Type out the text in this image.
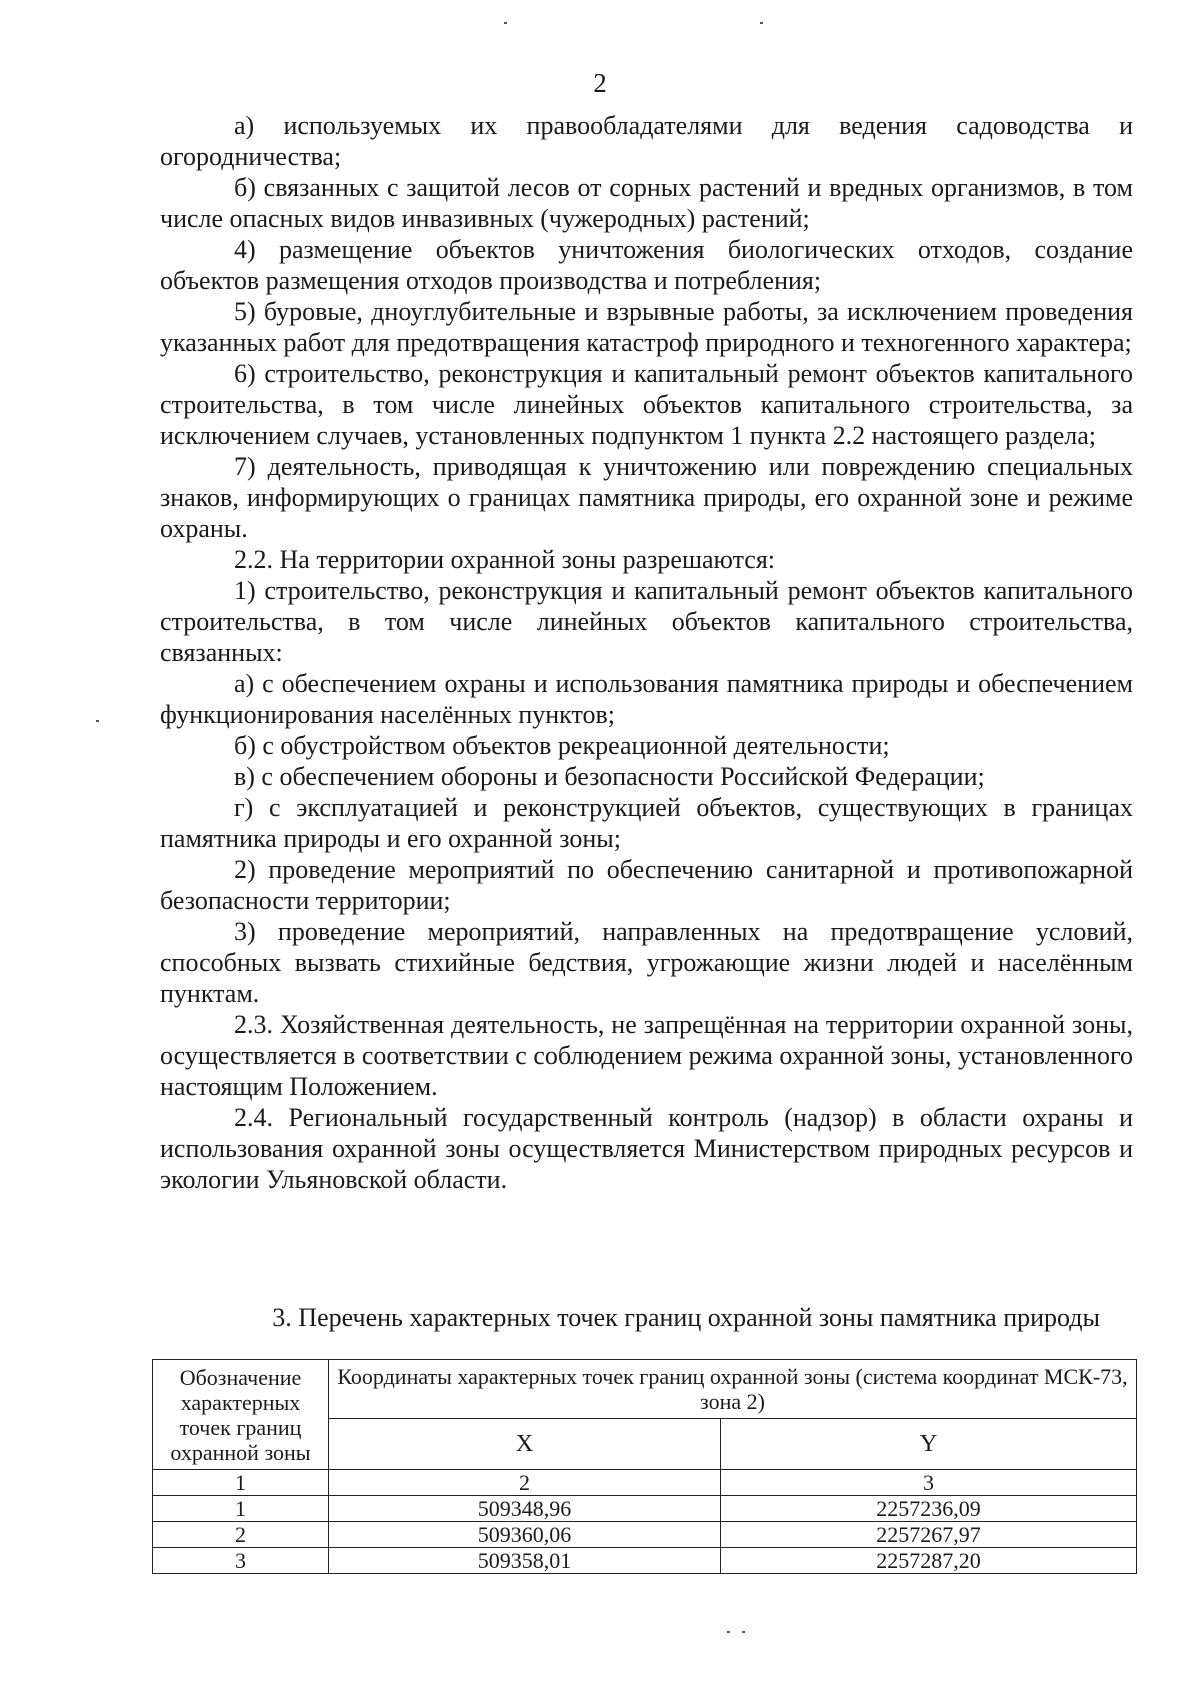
2

а) используемых их правообладателями для ведения садоводства и огородничества;

б) связанных с защитой лесов от сорных растений и вредных организмов, в том числе опасных видов инвазивных (чужеродных) растений;

4) размещение объектов уничтожения биологических отходов, создание объектов размещения отходов производства и потребления;

5) буровые, дноуглубительные и взрывные работы, за исключением проведения указанных работ для предотвращения катастроф природного и техногенного характера;

6) строительство, реконструкция и капитальный ремонт объектов капитального строительства, в том числе линейных объектов капитального строительства, за исключением случаев, установленных подпунктом 1 пункта 2.2 настоящего раздела;

7) деятельность, приводящая к уничтожению или повреждению специальных знаков, информирующих о границах памятника природы, его охранной зоне и режиме охраны.

2.2. На территории охранной зоны разрешаются:

1) строительство, реконструкция и капитальный ремонт объектов капитального строительства, в том числе линейных объектов капитального строительства, связанных:

а) с обеспечением охраны и использования памятника природы и обеспечением функционирования населённых пунктов;

б) с обустройством объектов рекреационной деятельности;

в) с обеспечением обороны и безопасности Российской Федерации;

г) с эксплуатацией и реконструкцией объектов, существующих в границах памятника природы и его охранной зоны;

2) проведение мероприятий по обеспечению санитарной и противопожарной безопасности территории;

3) проведение мероприятий, направленных на предотвращение условий, способных вызвать стихийные бедствия, угрожающие жизни людей и населённым пунктам.

2.3. Хозяйственная деятельность, не запрещённая на территории охранной зоны, осуществляется в соответствии с соблюдением режима охранной зоны, установленного настоящим Положением.

2.4. Региональный государственный контроль (надзор) в области охраны и использования охранной зоны осуществляется Министерством природных ресурсов и экологии Ульяновской области.

3. Перечень характерных точек границ охранной зоны памятника природы
Обозначение характерных точек границ охранной зоны	Координаты характерных точек границ охранной зоны (система координат МСК-73, зона 2)	
	X	Y
1	2	3
1	509348,96	2257236,09
2	509360,06	2257267,97
3	509358,01	2257287,20
